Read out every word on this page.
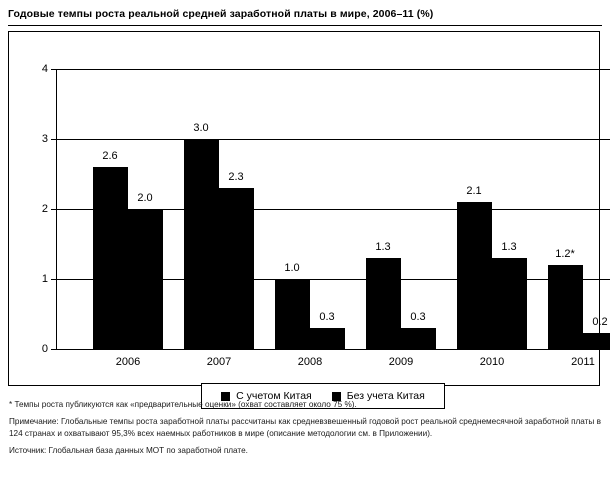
Годовые темпы роста реальной средней заработной платы в мире, 2006–11 (%)
4
3
2
1
0
2.6
2.0
2006
3.0
2.3
2007
1.0
0.3
2008
1.3
0.3
2009
2.1
1.3
2010
1.2*
0.2
2011
С учетом Китая	Без учета Китая

* Темпы роста публикуются как «предварительные оценки» (охват составляет около 75 %).

Примечание: Глобальные темпы роста заработной платы рассчитаны как средневзвешенный годовой рост реальной среднемесячной заработной платы в 124 странах и охватывают 95,3% всех наемных работников в мире (описание методологии см. в Приложении).

Источник: Глобальная база данных МОТ по заработной плате.
